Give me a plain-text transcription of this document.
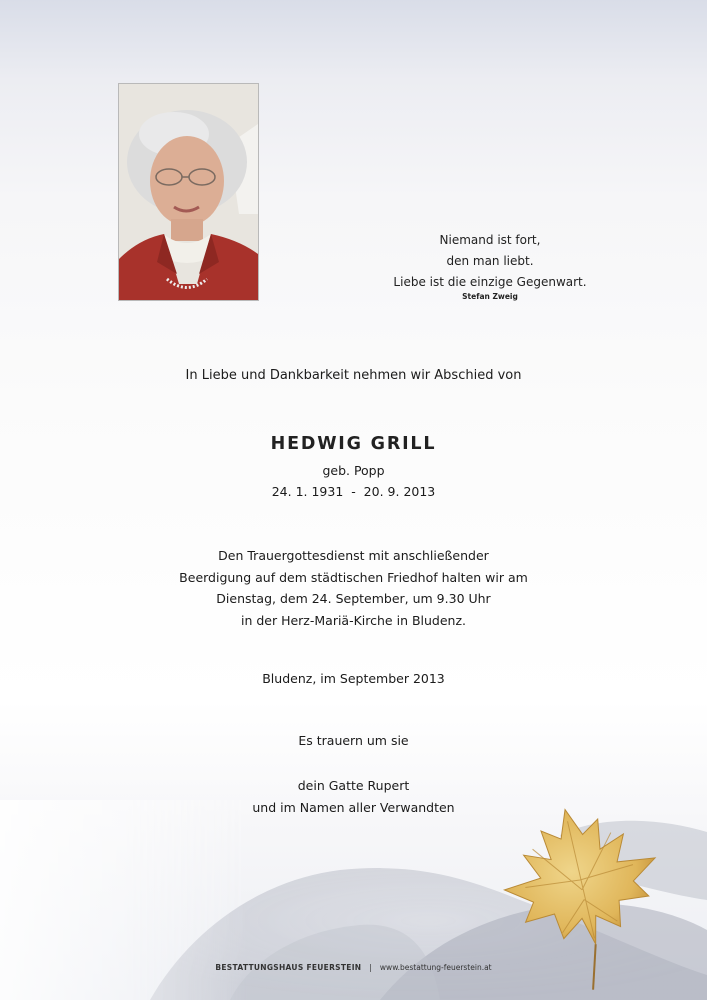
Niemand ist fort,
den man liebt.
Liebe ist die einzige Gegenwart.
Stefan Zweig
In Liebe und Dankbarkeit nehmen wir Abschied von
HEDWIG GRILL
geb. Popp
24. 1. 1931  -  20. 9. 2013
Den Trauergottesdienst mit anschließender
Beerdigung auf dem städtischen Friedhof halten wir am
Dienstag, dem 24. September, um 9.30 Uhr
in der Herz-Mariä-Kirche in Bludenz.
Bludenz, im September 2013
Es trauern um sie
dein Gatte Rupert
und im Namen aller Verwandten
BESTATTUNGSHAUS FEUERSTEIN | www.bestattung-feuerstein.at
